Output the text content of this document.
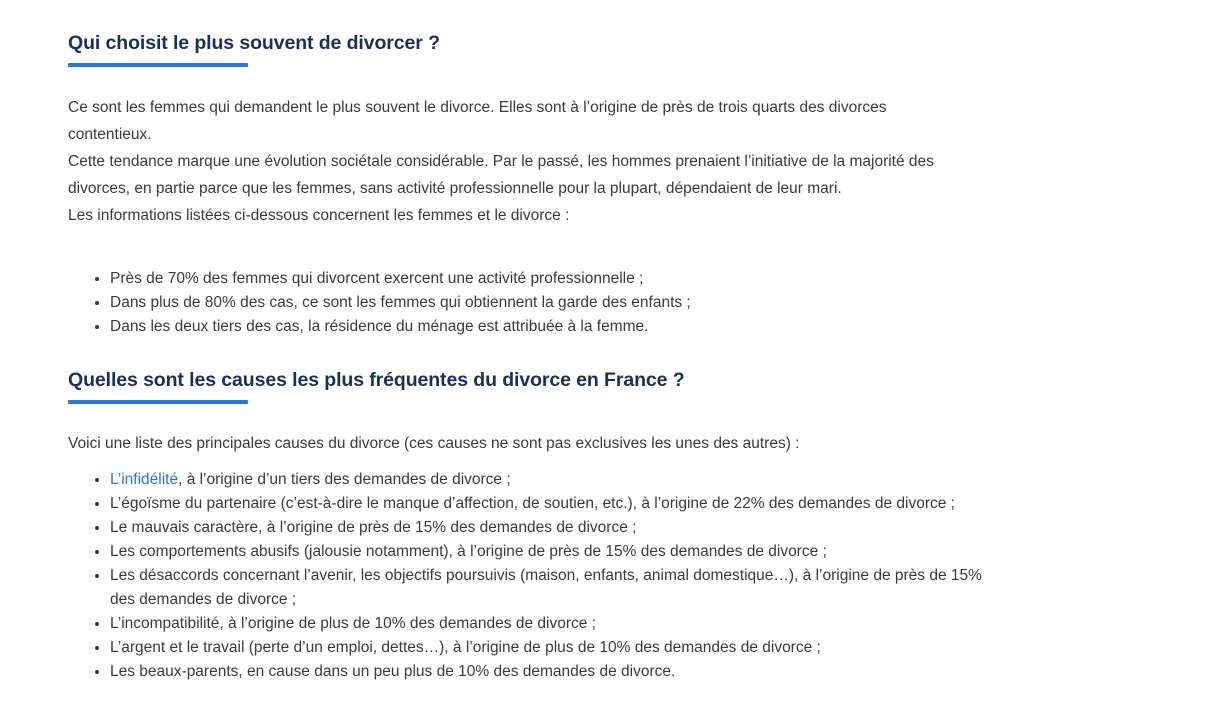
Qui choisit le plus souvent de divorcer ?

Ce sont les femmes qui demandent le plus souvent le divorce. Elles sont à l’origine de près de trois quarts des divorces contentieux.

Cette tendance marque une évolution sociétale considérable. Par le passé, les hommes prenaient l’initiative de la majorité des divorces, en partie parce que les femmes, sans activité professionnelle pour la plupart, dépendaient de leur mari.

Les informations listées ci-dessous concernent les femmes et le divorce :

• Près de 70% des femmes qui divorcent exercent une activité professionnelle ;
• Dans plus de 80% des cas, ce sont les femmes qui obtiennent la garde des enfants ;
• Dans les deux tiers des cas, la résidence du ménage est attribuée à la femme.
Quelles sont les causes les plus fréquentes du divorce en France ?

Voici une liste des principales causes du divorce (ces causes ne sont pas exclusives les unes des autres) :

• L’infidélité, à l’origine d’un tiers des demandes de divorce ;
• L’égoïsme du partenaire (c’est-à-dire le manque d’affection, de soutien, etc.), à l’origine de 22% des demandes de divorce ;
• Le mauvais caractère, à l’origine de près de 15% des demandes de divorce ;
• Les comportements abusifs (jalousie notamment), à l’origine de près de 15% des demandes de divorce ;
• Les désaccords concernant l’avenir, les objectifs poursuivis (maison, enfants, animal domestique…), à l’origine de près de 15% des demandes de divorce ;
• L’incompatibilité, à l’origine de plus de 10% des demandes de divorce ;
• L’argent et le travail (perte d’un emploi, dettes…), à l’origine de plus de 10% des demandes de divorce ;
• Les beaux-parents, en cause dans un peu plus de 10% des demandes de divorce.
